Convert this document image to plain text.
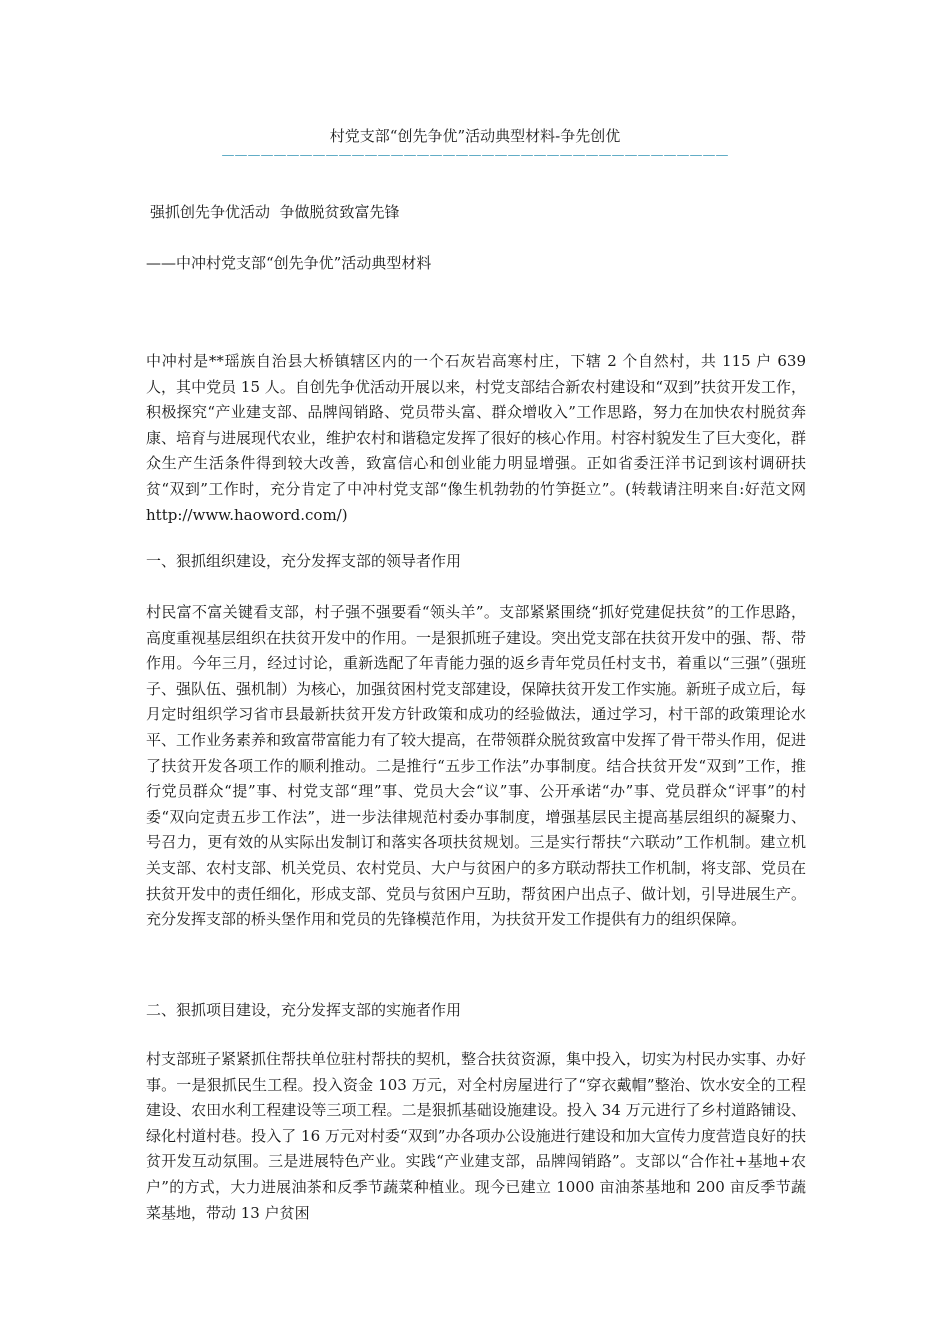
村党支部“创先争优”活动典型材料-争先创优
———————————————————————————————————————
强抓创先争优活动  争做脱贫致富先锋
——中冲村党支部“创先争优”活动典型材料

中冲村是**瑶族自治县大桥镇辖区内的一个石灰岩高寒村庄，下辖 2 个自然村，共 115 户 639 人，其中党员 15 人。自创先争优活动开展以来，村党支部结合新农村建设和“双到”扶贫开发工作，积极探究“产业建支部、品牌闯销路、党员带头富、群众增收入”工作思路，努力在加快农村脱贫奔康、培育与进展现代农业，维护农村和谐稳定发挥了很好的核心作用。村容村貌发生了巨大变化，群众生产生活条件得到较大改善，致富信心和创业能力明显增强。正如省委汪洋书记到该村调研扶贫“双到”工作时，充分肯定了中冲村党支部“像生机勃勃的竹笋挺立”。(转载请注明来自:好范文网 http://www.haoword.com/)

一、狠抓组织建设，充分发挥支部的领导者作用

村民富不富关键看支部，村子强不强要看“领头羊”。支部紧紧围绕“抓好党建促扶贫”的工作思路，高度重视基层组织在扶贫开发中的作用。一是狠抓班子建设。突出党支部在扶贫开发中的强、帮、带作用。今年三月，经过讨论，重新选配了年青能力强的返乡青年党员任村支书，着重以“三强”（强班子、强队伍、强机制）为核心，加强贫困村党支部建设，保障扶贫开发工作实施。新班子成立后，每月定时组织学习省市县最新扶贫开发方针政策和成功的经验做法，通过学习，村干部的政策理论水平、工作业务素养和致富带富能力有了较大提高，在带领群众脱贫致富中发挥了骨干带头作用，促进了扶贫开发各项工作的顺利推动。二是推行“五步工作法”办事制度。结合扶贫开发“双到”工作，推行党员群众“提”事、村党支部“理”事、党员大会“议”事、公开承诺“办”事、党员群众“评事”的村委“双向定责五步工作法”，进一步法律规范村委办事制度，增强基层民主提高基层组织的凝聚力、号召力，更有效的从实际出发制订和落实各项扶贫规划。三是实行帮扶“六联动”工作机制。建立机关支部、农村支部、机关党员、农村党员、大户与贫困户的多方联动帮扶工作机制，将支部、党员在扶贫开发中的责任细化，形成支部、党员与贫困户互助，帮贫困户出点子、做计划，引导进展生产。充分发挥支部的桥头堡作用和党员的先锋模范作用，为扶贫开发工作提供有力的组织保障。

二、狠抓项目建设，充分发挥支部的实施者作用

村支部班子紧紧抓住帮扶单位驻村帮扶的契机，整合扶贫资源，集中投入，切实为村民办实事、办好事。一是狠抓民生工程。投入资金 103 万元，对全村房屋进行了“穿衣戴帽”整治、饮水安全的工程建设、农田水利工程建设等三项工程。二是狠抓基础设施建设。投入 34 万元进行了乡村道路铺设、绿化村道村巷。投入了 16 万元对村委“双到”办各项办公设施进行建设和加大宣传力度营造良好的扶贫开发互动氛围。三是进展特色产业。实践“产业建支部，品牌闯销路”。支部以“合作社+基地+农户”的方式，大力进展油茶和反季节蔬菜种植业。现今已建立 1000 亩油茶基地和 200 亩反季节蔬菜基地，带动 13 户贫困
